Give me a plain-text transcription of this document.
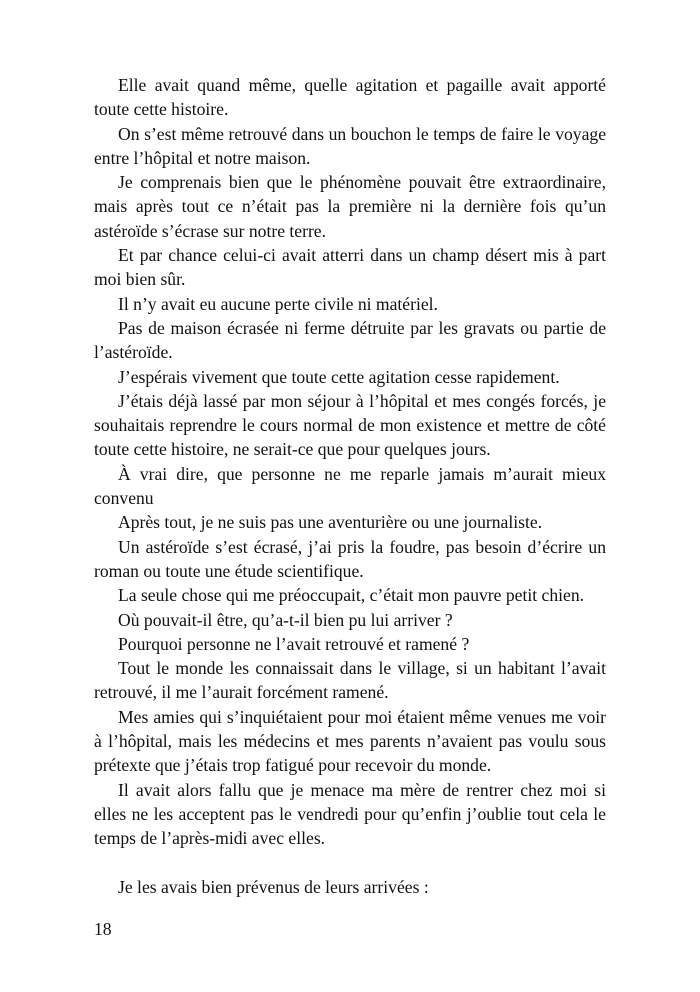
Elle avait quand même, quelle agitation et pagaille avait apporté toute cette histoire.

On s’est même retrouvé dans un bouchon le temps de faire le voyage entre l’hôpital et notre maison.

Je comprenais bien que le phénomène pouvait être extraordinaire, mais après tout ce n’était pas la première ni la dernière fois qu’un astéroïde s’écrase sur notre terre.

Et par chance celui-ci avait atterri dans un champ désert mis à part moi bien sûr.

Il n’y avait eu aucune perte civile ni matériel.

Pas de maison écrasée ni ferme détruite par les gravats ou partie de l’astéroïde.

J’espérais vivement que toute cette agitation cesse rapidement.

J’étais déjà lassé par mon séjour à l’hôpital et mes congés forcés, je souhaitais reprendre le cours normal de mon existence et mettre de côté toute cette histoire, ne serait-ce que pour quelques jours.

À vrai dire, que personne ne me reparle jamais m’aurait mieux convenu

Après tout, je ne suis pas une aventurière ou une journaliste.

Un astéroïde s’est écrasé, j’ai pris la foudre, pas besoin d’écrire un roman ou toute une étude scientifique.

La seule chose qui me préoccupait, c’était mon pauvre petit chien.

Où pouvait-il être, qu’a-t-il bien pu lui arriver ?

Pourquoi personne ne l’avait retrouvé et ramené ?

Tout le monde les connaissait dans le village, si un habitant l’avait retrouvé, il me l’aurait forcément ramené.

Mes amies qui s’inquiétaient pour moi étaient même venues me voir à l’hôpital, mais les médecins et mes parents n’avaient pas voulu sous prétexte que j’étais trop fatigué pour recevoir du monde.

Il avait alors fallu que je menace ma mère de rentrer chez moi si elles ne les acceptent pas le vendredi pour qu’enfin j’oublie tout cela le temps de l’après-midi avec elles.

Je les avais bien prévenus de leurs arrivées :

18
